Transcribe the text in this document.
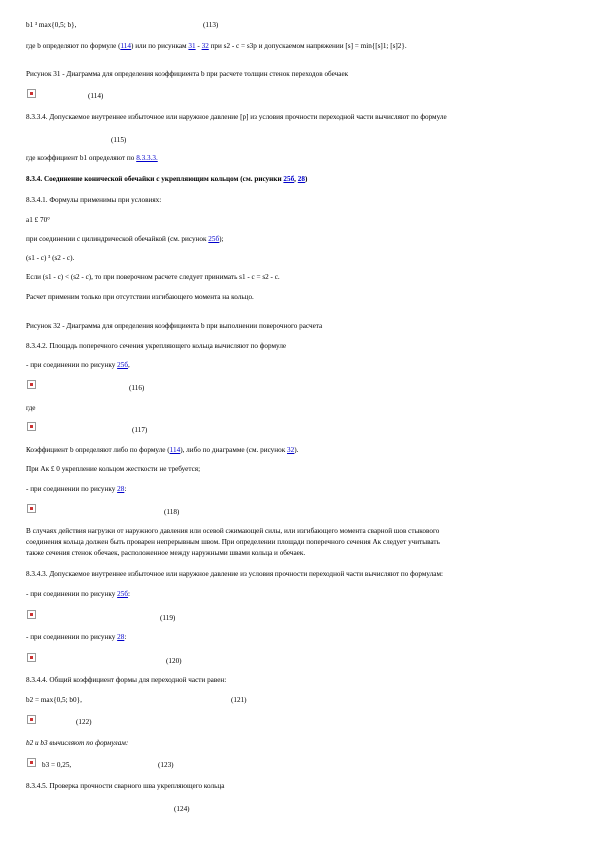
b1 ³ max{0,5; b},	(113)
где b определяют по формуле (114) или по рисункам 31 - 32 при s2 - c = s3p и допускаемом напряжении [s] = min{[s]1; [s]2}.
Рисунок 31 - Диаграмма для определения коэффициента b при расчете толщин стенок переходов обечаек
(114)
8.3.3.4. Допускаемое внутреннее избыточное или наружное давление [p] из условия прочности переходной части вычисляют по формуле
(115)
где коэффициент b1 определяют по 8.3.3.3.
8.3.4. Соединение конической обечайки с укрепляющим кольцом (см. рисунки 25б, 28)
8.3.4.1. Формулы применимы при условиях:
a1 £ 70°
при соединении с цилиндрической обечайкой (см. рисунок 25б);
(s1 - c) ³ (s2 - c).
Если (s1 - c) < (s2 - c), то при поверочном расчете следует принимать s1 - c = s2 - c.
Расчет применим только при отсутствии изгибающего момента на кольцо.
Рисунок 32 - Диаграмма для определения коэффициента b при выполнении поверочного расчета
8.3.4.2. Площадь поперечного сечения укрепляющего кольца вычисляют по формуле
- при соединении по рисунку 25б,
(116)
где
(117)
Коэффициент b определяют либо по формуле (114), либо по диаграмме (см. рисунок 32).
При Ак £ 0 укрепление кольцом жесткости не требуется;
- при соединении по рисунку 28:
(118)
В случаях действия нагрузки от наружного давления или осевой сжимающей силы, или изгибающего момента сварной шов стыкового
соединения кольца должен быть проварен непрерывным швом. При определении площади поперечного сечения Ак следует учитывать
также сечения стенок обечаек, расположенное между наружными швами кольца и обечаек.
8.3.4.3. Допускаемое внутреннее избыточное или наружное давление из условия прочности переходной части вычисляют по формулам:
- при соединении по рисунку 25б:
(119)
- при соединении по рисунку 28:
(120)
8.3.4.4. Общий коэффициент формы для переходной части равен:
b2 = max{0,5; b0},	(121)
(122)
b2 и b3 вычисляют по формулам:
b3 = 0,25,	(123)
8.3.4.5. Проверка прочности сварного шва укрепляющего кольца
(124)
